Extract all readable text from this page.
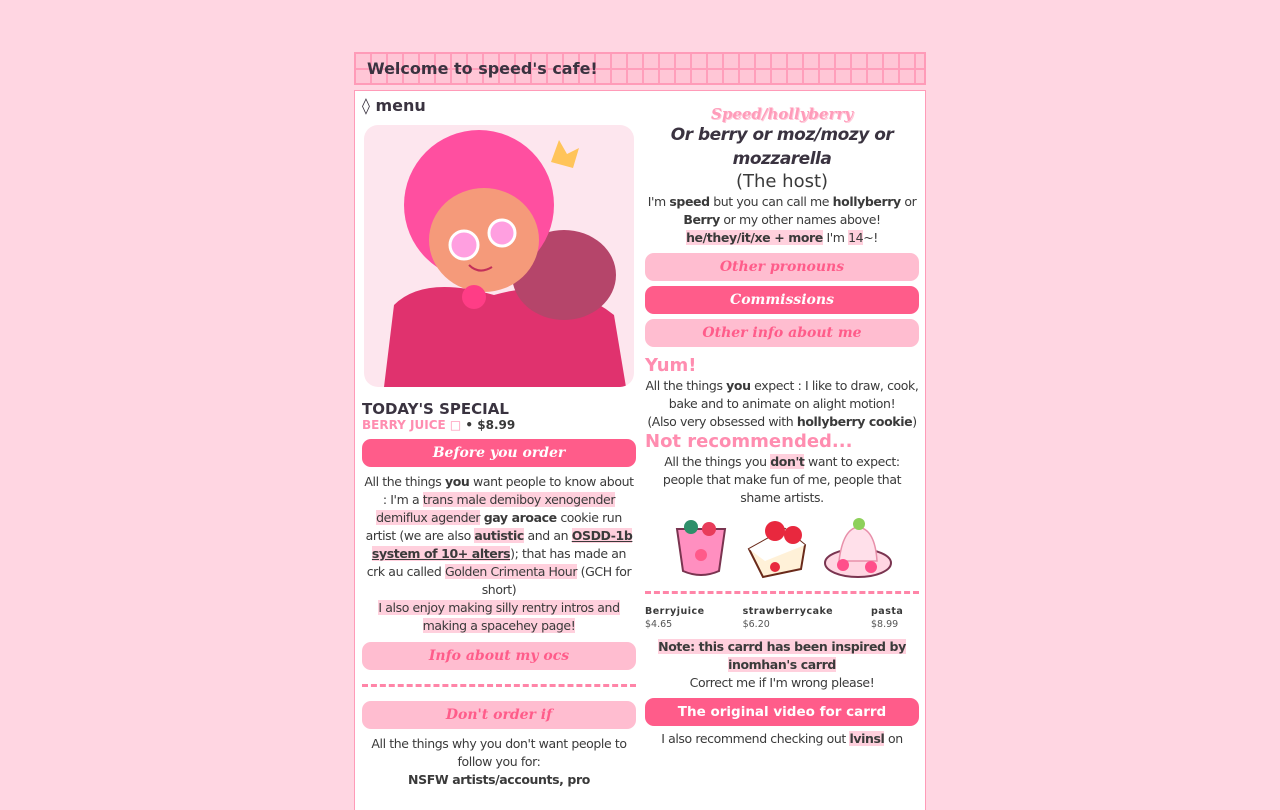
Welcome to speed's cafe!
◊ menu
TODAY'S SPECIAL
BERRY JUICE □ • $8.99
Before you order
All the things you want people to know about : I'm a trans male demiboy xenogender demiflux agender gay aroace cookie run artist (we are also autistic and an OSDD-1b system of 10+ alters); that has made an crk au called Golden Crimenta Hour (GCH for short)
I also enjoy making silly rentry intros and making a spacehey page!
Info about my ocs
Don't order if
All the things why you don't want people to follow you for:
NSFW artists/accounts, pro
Speed/hollyberry
Or berry or moz/mozy or mozzarella
(The host)
I'm speed but you can call me hollyberry or Berry or my other names above! he/they/it/xe + more I'm 14~!
Other pronouns
Commissions
Other info about me
Yum!
All the things you expect : I like to draw, cook, bake and to animate on alight motion!
(Also very obsessed with hollyberry cookie)
Not recommended...
All the things you don't want to expect: people that make fun of me, people that shame artists.
Berryjuice
$4.65
strawberrycake
$6.20
pasta
$8.99
Note: this carrd has been inspired by inomhan's carrd
Correct me if I'm wrong please!
The original video for carrd
I also recommend checking out lvinsl on
